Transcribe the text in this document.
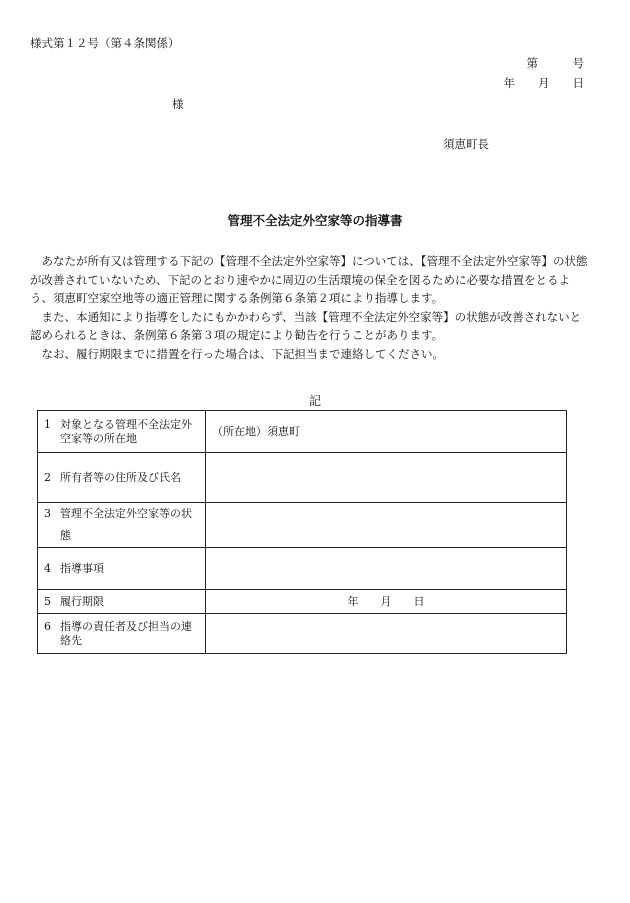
様式第１２号（第４条関係）
第　　　号
年　　月　　日
様
須恵町長
管理不全法定外空家等の指導書

あなたが所有又は管理する下記の【管理不全法定外空家等】については、【管理不全法定外空家等】の状態が改善されていないため、下記のとおり速やかに周辺の生活環境の保全を図るために必要な措置をとるよう、須恵町空家空地等の適正管理に関する条例第６条第２項により指導します。

また、本通知により指導をしたにもかかわらず、当該【管理不全法定外空家等】の状態が改善されないと認められるときは、条例第６条第３項の規定により勧告を行うことがあります。

なお、履行期限までに措置を行った場合は、下記担当まで連絡してください。

記
1 対象となる管理不全法定外空家等の所在地	（所在地）須恵町
2 所有者等の住所及び氏名	
3 管理不全法定外空家等の状態	
4 指導事項	
5 履行期限	年　　月　　日
6 指導の責任者及び担当の連絡先	
